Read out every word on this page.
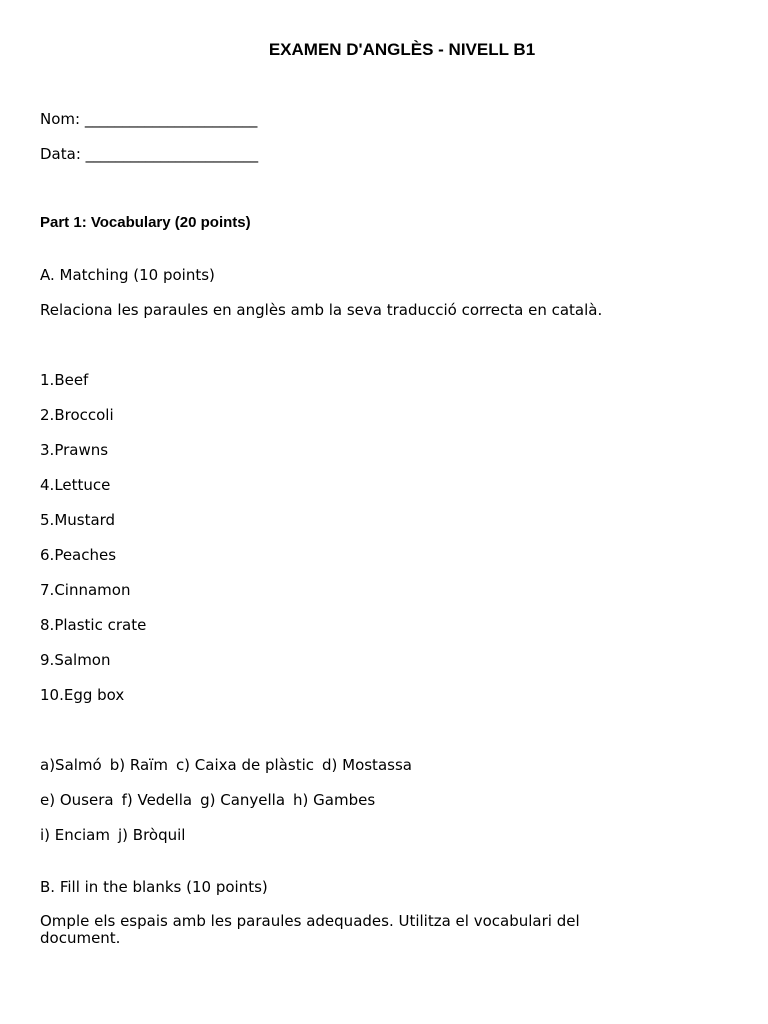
EXAMEN D'ANGLÈS - NIVELL B1
Nom: _______________________
Data: _______________________
Part 1: Vocabulary (20 points)
A. Matching (10 points)
Relaciona les paraules en anglès amb la seva traducció correcta en català.
1.Beef
2.Broccoli
3.Prawns
4.Lettuce
5.Mustard
6.Peaches
7.Cinnamon
8.Plastic crate
9.Salmon
10.Egg box
a)Salmó b) Raïm c) Caixa de plàstic d) Mostassa
e) Ousera f) Vedella g) Canyella h) Gambes
i) Enciam j) Bròquil
B. Fill in the blanks (10 points)
Omple els espais amb les paraules adequades. Utilitza el vocabulari del document.
